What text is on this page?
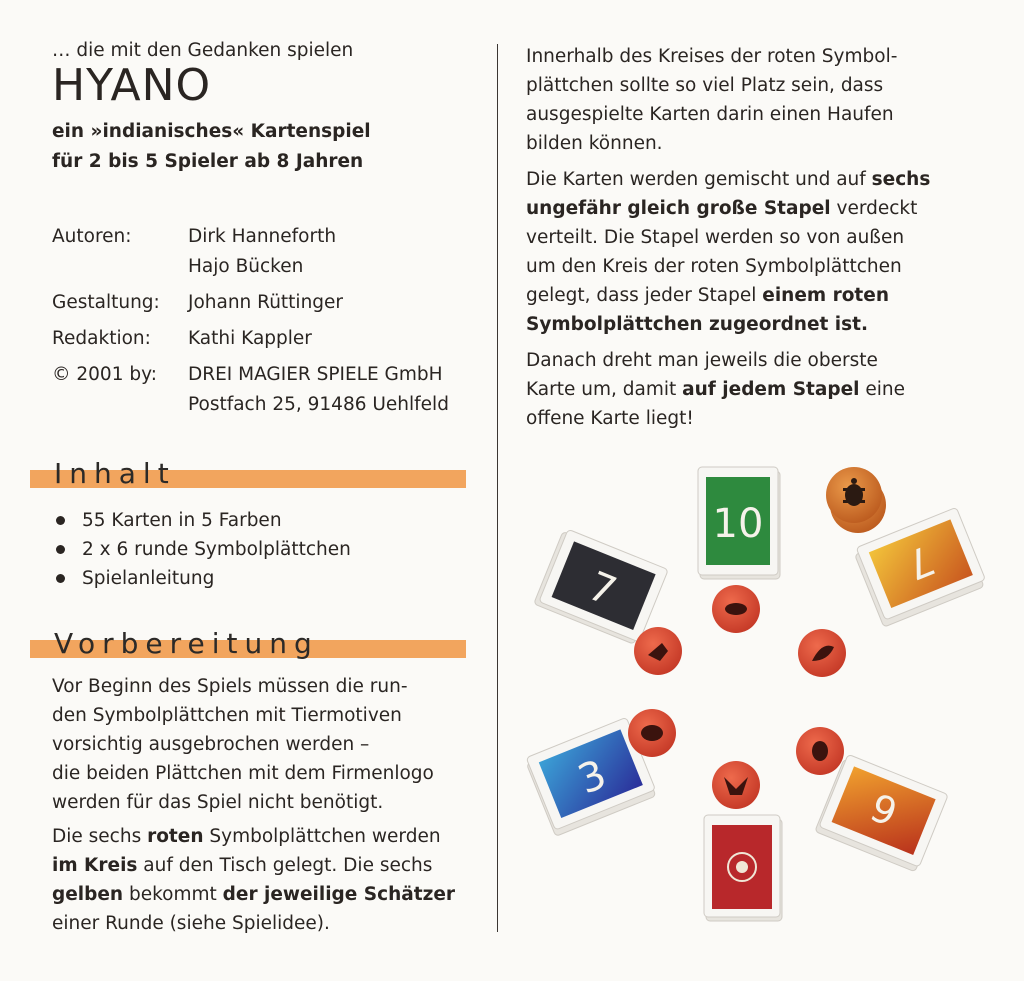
… die mit den Gedanken spielen

HYANO

ein »indianisches« Kartenspiel

für 2 bis 5 Spieler ab 8 Jahren

Autoren:	Dirk Hanneforth
Hajo Bücken
Gestaltung:	Johann Rüttinger
Redaktion:	Kathi Kappler
© 2001 by:	DREI MAGIER SPIELE GmbH
Postfach 25, 91486 Uehlfeld
Inhalt
55 Karten in 5 Farben
2 x 6 runde Symbolplättchen
Spielanleitung
Vorbereitung
Vor Beginn des Spiels müssen die run-
den Symbolplättchen mit Tiermotiven
vorsichtig ausgebrochen werden –
die beiden Plättchen mit dem Firmenlogo
werden für das Spiel nicht benötigt.
Die sechs roten Symbolplättchen werden
im Kreis auf den Tisch gelegt. Die sechs
gelben bekommt der jeweilige Schätzer
einer Runde (siehe Spielidee).
Innerhalb des Kreises der roten Symbol-
plättchen sollte so viel Platz sein, dass
ausgespielte Karten darin einen Haufen
bilden können.
Die Karten werden gemischt und auf sechs
ungefähr gleich große Stapel verdeckt
verteilt. Die Stapel werden so von außen
um den Kreis der roten Symbolplättchen
gelegt, dass jeder Stapel einem roten
Symbolplättchen zugeordnet ist.
Danach dreht man jeweils die oberste
Karte um, damit auf jedem Stapel eine
offene Karte liegt!
10
7
7
3
6
